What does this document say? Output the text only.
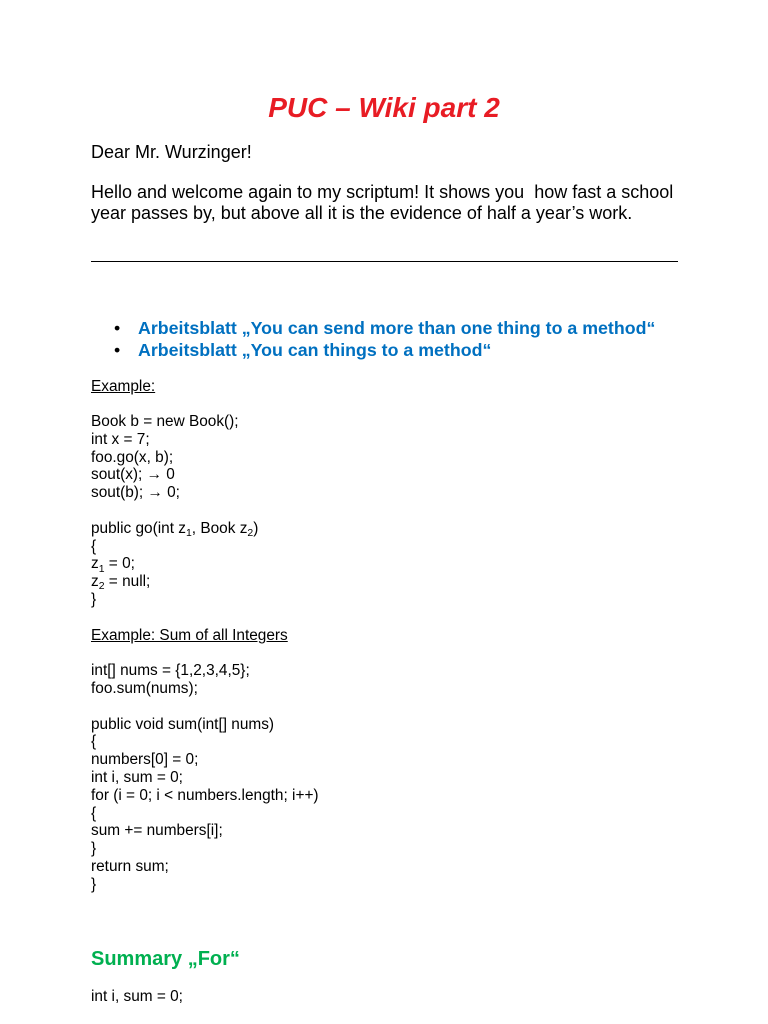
PUC – Wiki part 2
Dear Mr. Wurzinger!
Hello and welcome again to my scriptum! It shows you  how fast a school
year passes by, but above all it is the evidence of half a year’s work.
• Arbeitsblatt „You can send more than one thing to a method“
• Arbeitsblatt „You can things to a method“
Example:
Book b = new Book();
int x = 7;
foo.go(x, b);
sout(x); → 0
sout(b); → 0;
public go(int $z_1$, Book $z_2$)
{
$z_1 = 0$;
$z_2$ = null;
}
Example: Sum of all Integers
int[] nums = {1,2,3,4,5};
foo.sum(nums);
public void sum(int[] nums)
{
numbers[0] = 0;
int i, sum = 0;
for (i = 0; i < numbers.length; i++)
{
sum += numbers[i];
}
return sum;
}
Summary „For“
int i, sum = 0;
